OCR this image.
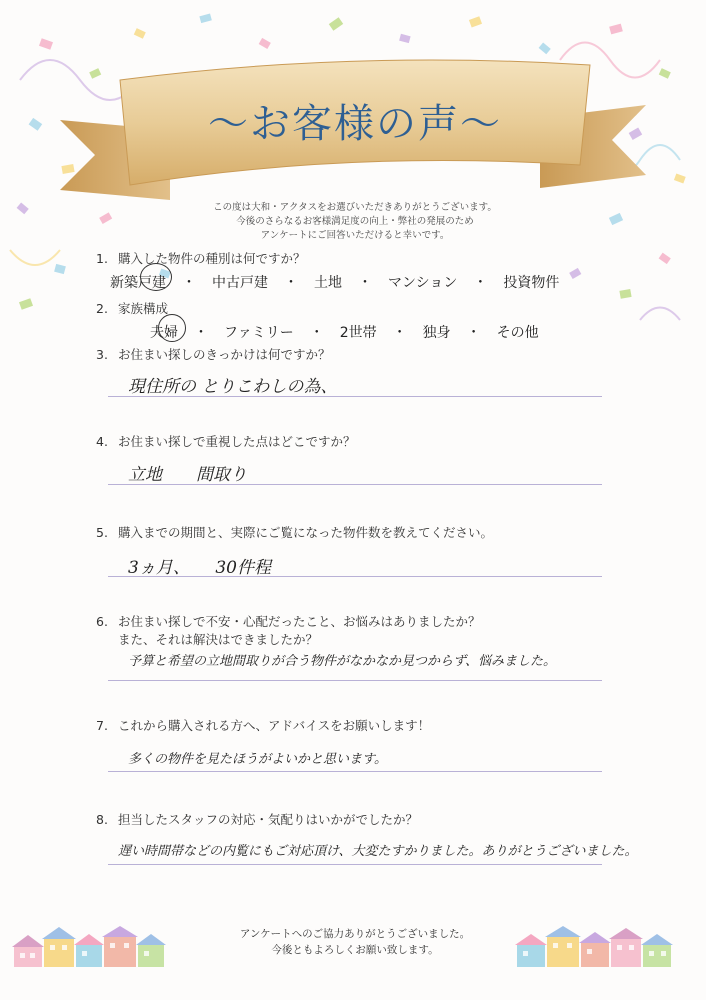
〜お客様の声〜
この度は大和・アクタスをお選びいただきありがとうございます。
今後のさらなるお客様満足度の向上・弊社の発展のため
アンケートにご回答いただけると幸いです。
1. 購入した物件の種別は何ですか？
新築戸建 ・ 中古戸建 ・ 土地 ・ マンション ・ 投資物件
2. 家族構成
夫婦 ・ ファミリー ・ 2世帯 ・ 独身 ・ その他
3. お住まい探しのきっかけは何ですか？
現住所の とりこわしの為、
4. お住まい探しで重視した点はどこですか？
立地　　間取り
5. 購入までの期間と、実際にご覧になった物件数を教えてください。
3ヵ月、　　30件程
6. お住まい探しで不安・心配だったこと、お悩みはありましたか？
また、それは解決はできましたか？
予算と希望の立地間取りが合う物件がなかなか見つからず、悩みました。
7. これから購入される方へ、アドバイスをお願いします！
多くの物件を見たほうがよいかと思います。
8. 担当したスタッフの対応・気配りはいかがでしたか？
遅い時間帯などの内覧にもご対応頂け、大変たすかりました。ありがとうございました。
アンケートへのご協力ありがとうございました。
今後ともよろしくお願い致します。
